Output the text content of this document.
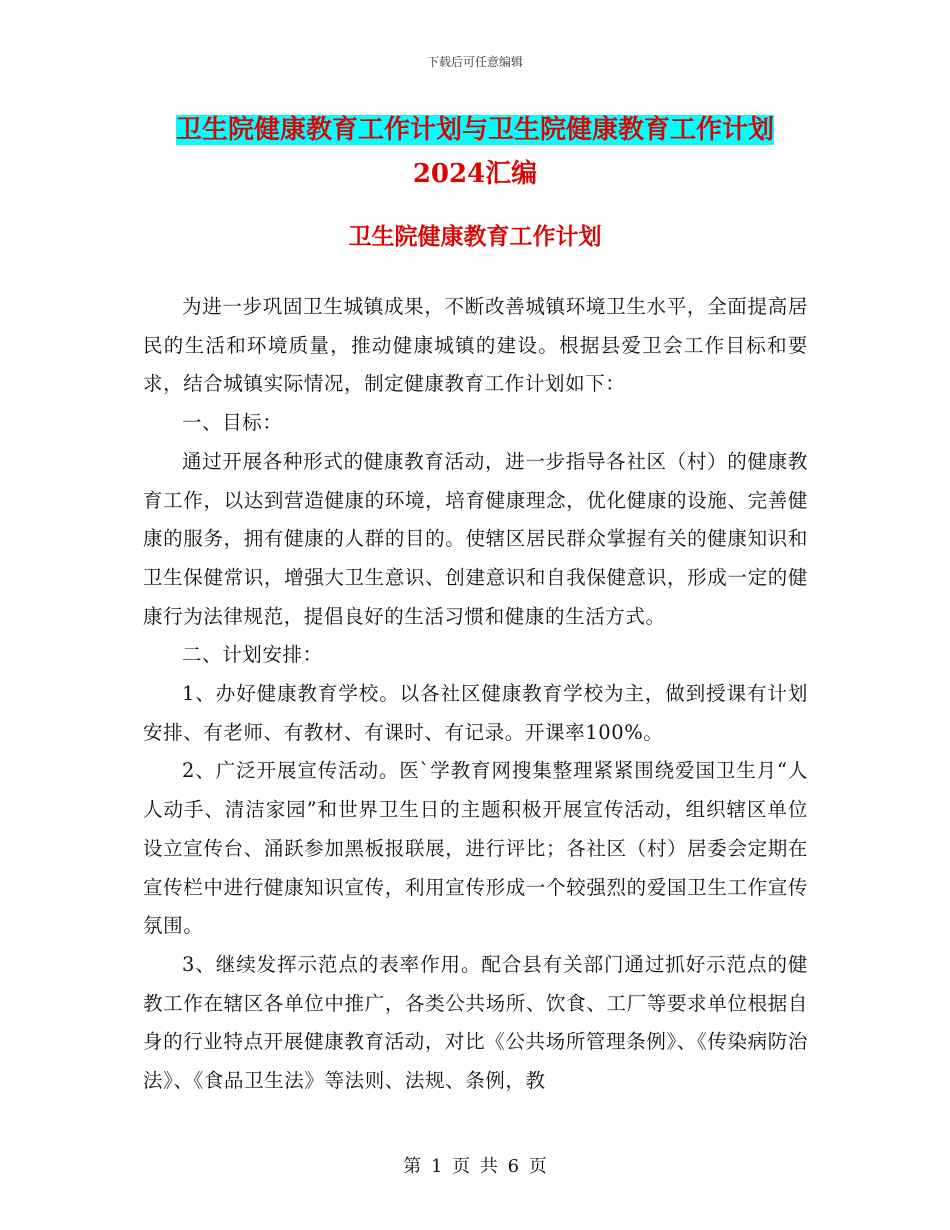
下载后可任意编辑
卫生院健康教育工作计划与卫生院健康教育工作计划
2024汇编
卫生院健康教育工作计划

为进一步巩固卫生城镇成果，不断改善城镇环境卫生水平，全面提高居民的生活和环境质量，推动健康城镇的建设。根据县爱卫会工作目标和要求，结合城镇实际情况，制定健康教育工作计划如下：

一、目标：

通过开展各种形式的健康教育活动，进一步指导各社区（村）的健康教育工作，以达到营造健康的环境，培育健康理念，优化健康的设施、完善健康的服务，拥有健康的人群的目的。使辖区居民群众掌握有关的健康知识和卫生保健常识，增强大卫生意识、创建意识和自我保健意识，形成一定的健康行为法律规范，提倡良好的生活习惯和健康的生活方式。

二、计划安排：

1、办好健康教育学校。以各社区健康教育学校为主，做到授课有计划安排、有老师、有教材、有课时、有记录。开课率100%。

2、广泛开展宣传活动。医`学教育网搜集整理紧紧围绕爱国卫生月“人人动手、清洁家园”和世界卫生日的主题积极开展宣传活动，组织辖区单位设立宣传台、涌跃参加黑板报联展，进行评比；各社区（村）居委会定期在宣传栏中进行健康知识宣传，利用宣传形成一个较强烈的爱国卫生工作宣传氛围。

3、继续发挥示范点的表率作用。配合县有关部门通过抓好示范点的健教工作在辖区各单位中推广，各类公共场所、饮食、工厂等要求单位根据自身的行业特点开展健康教育活动，对比《公共场所管理条例》、《传染病防治法》、《食品卫生法》等法则、法规、条例，教

第 1 页 共 6 页
